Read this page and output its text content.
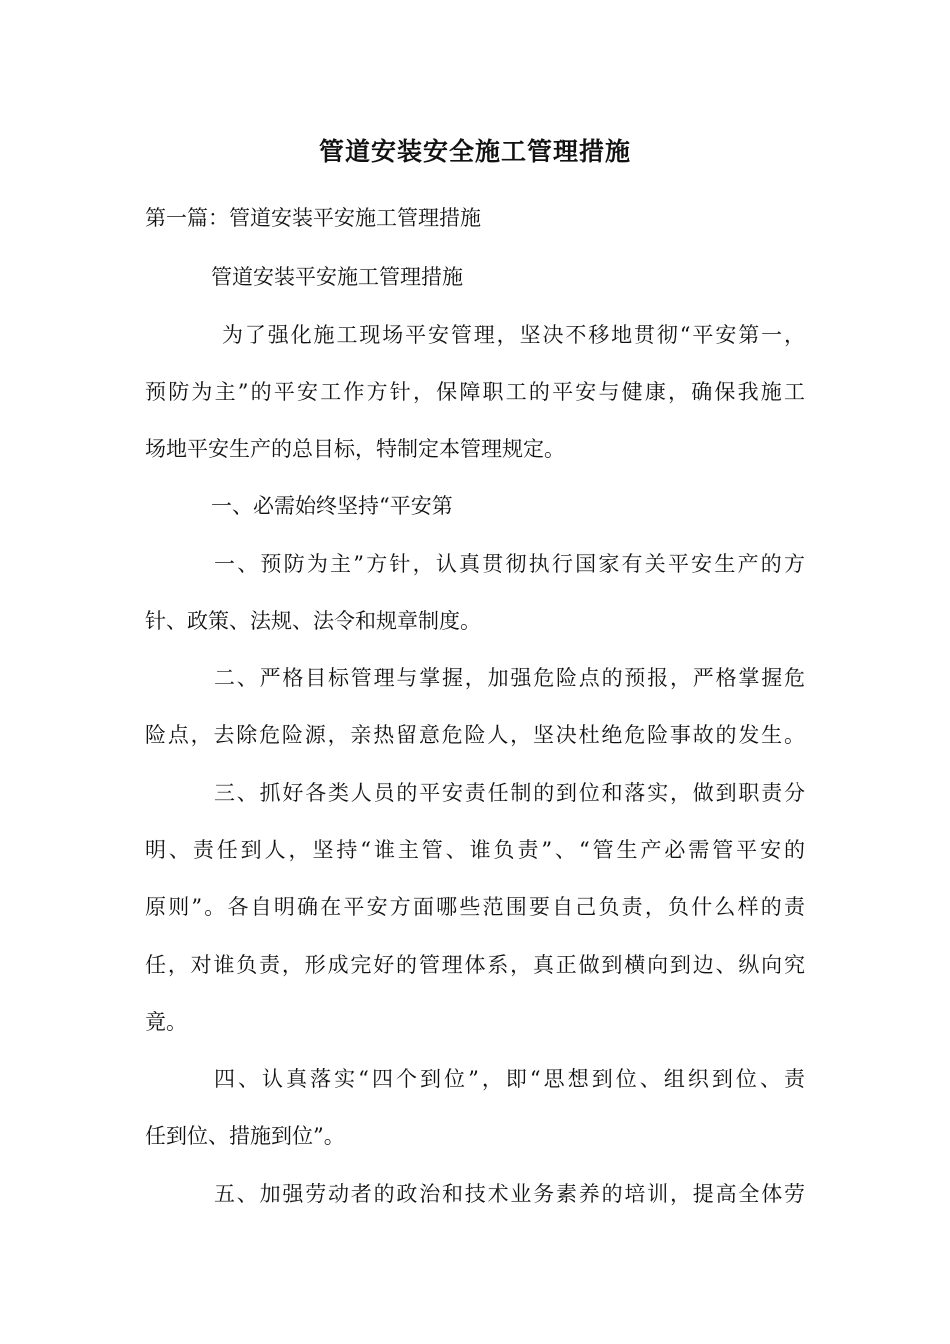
管道安装安全施工管理措施
第一篇：管道安装平安施工管理措施
管道安装平安施工管理措施
为了强化施工现场平安管理，坚决不移地贯彻“平安第一，
预防为主”的平安工作方针，保障职工的平安与健康，确保我施工
场地平安生产的总目标，特制定本管理规定。
一、必需始终坚持“平安第
一、预防为主”方针，认真贯彻执行国家有关平安生产的方
针、政策、法规、法令和规章制度。
二、严格目标管理与掌握，加强危险点的预报，严格掌握危
险点，去除危险源，亲热留意危险人，坚决杜绝危险事故的发生。
三、抓好各类人员的平安责任制的到位和落实，做到职责分
明、责任到人，坚持“谁主管、谁负责”、“管生产必需管平安的
原则”。各自明确在平安方面哪些范围要自己负责，负什么样的责
任，对谁负责，形成完好的管理体系，真正做到横向到边、纵向究
竟。
四、认真落实“四个到位”，即“思想到位、组织到位、责
任到位、措施到位”。
五、加强劳动者的政治和技术业务素养的培训，提高全体劳
